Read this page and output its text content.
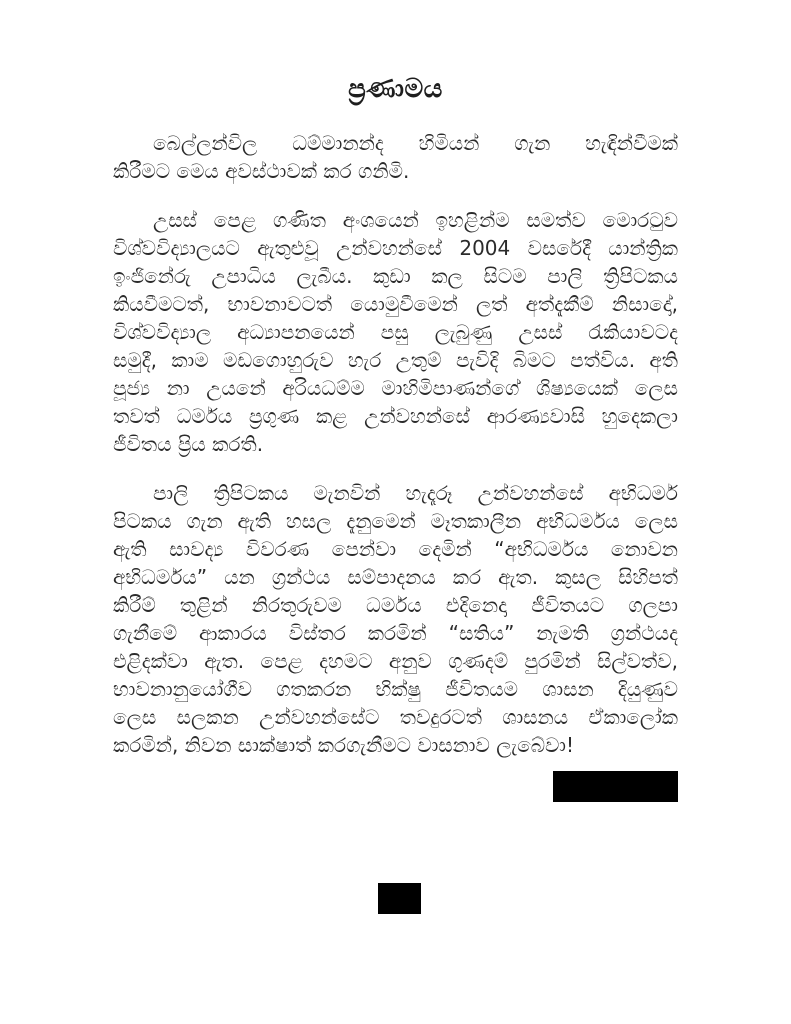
ප්‍රණාමය
බෙල්ලන්විල ධම්මානන්ද හිමියන් ගැන හැඳින්වීමක්
කිරීමට මෙය අවස්ථාවක් කර ගනිමි.
උසස් පෙළ ගණිත අංශයෙන් ඉහළින්ම සමත්ව මොරටුව
විශ්වවිද්‍යාලයට ඇතුළුවූ උන්වහන්සේ 2004 වසරේදී යාන්ත්‍රික
ඉංජිනේරු උපාධිය ලැබීය. කුඩා කල සිටම පාලි ත්‍රිපිටකය
කියවීමටත්, භාවනාවටත් යොමුවීමෙන් ලත් අත්දැකීම් නිසාදෝ,
විශ්වවිද්‍යාල අධ්‍යාපනයෙන් පසු ලැබුණු උසස් රැකියාවටද
සමුදී, කාම මඩගොහුරුව හැර උතුම් පැවිදි බිමට පත්විය. අති
පූජ්‍ය නා උයනේ අරියධම්ම මාහිමිපාණන්ගේ ශිෂ්‍යයෙක් ලෙස
තවත් ධර්මය ප්‍රගුණ කළ උන්වහන්සේ ආරණ්‍යවාසි හුදෙකලා
ජීවිතය ප්‍රිය කරති.
පාලි ත්‍රිපිටකය මැනවින් හැදෑරූ උන්වහන්සේ අභිධර්ම
පිටකය ගැන ඇති හසල දැනුමෙන් මෑතකාලීන අභිධර්මය ලෙස
ඇති සාවද්‍ය විවරණ පෙන්වා දෙමින් “අභිධර්මය නොවන
අභිධර්මය” යන ග්‍රන්ථය සම්පාදනය කර ඇත. කුසල සිහිපත්
කිරීම් තුළින් නිරතුරුවම ධර්මය එදිනෙදා ජීවිතයට ගලපා
ගැනීමේ ආකාරය විස්තර කරමින් “සතිය” නැමති ග්‍රන්ථයද
එළිදක්වා ඇත. පෙළ දහමට අනුව ගුණදම් පුරමින් සිල්වත්ව,
භාවනානුයෝගීව ගතකරන භික්ෂු ජීවිතයම ශාසන දියුණුව
ලෙස සලකන උන්වහන්සේට තවදුරටත් ශාසනය ඒකාලෝක
කරමින්, නිවන සාක්ෂාත් කරගැනීමට වාසනාව ලැබේවා!
